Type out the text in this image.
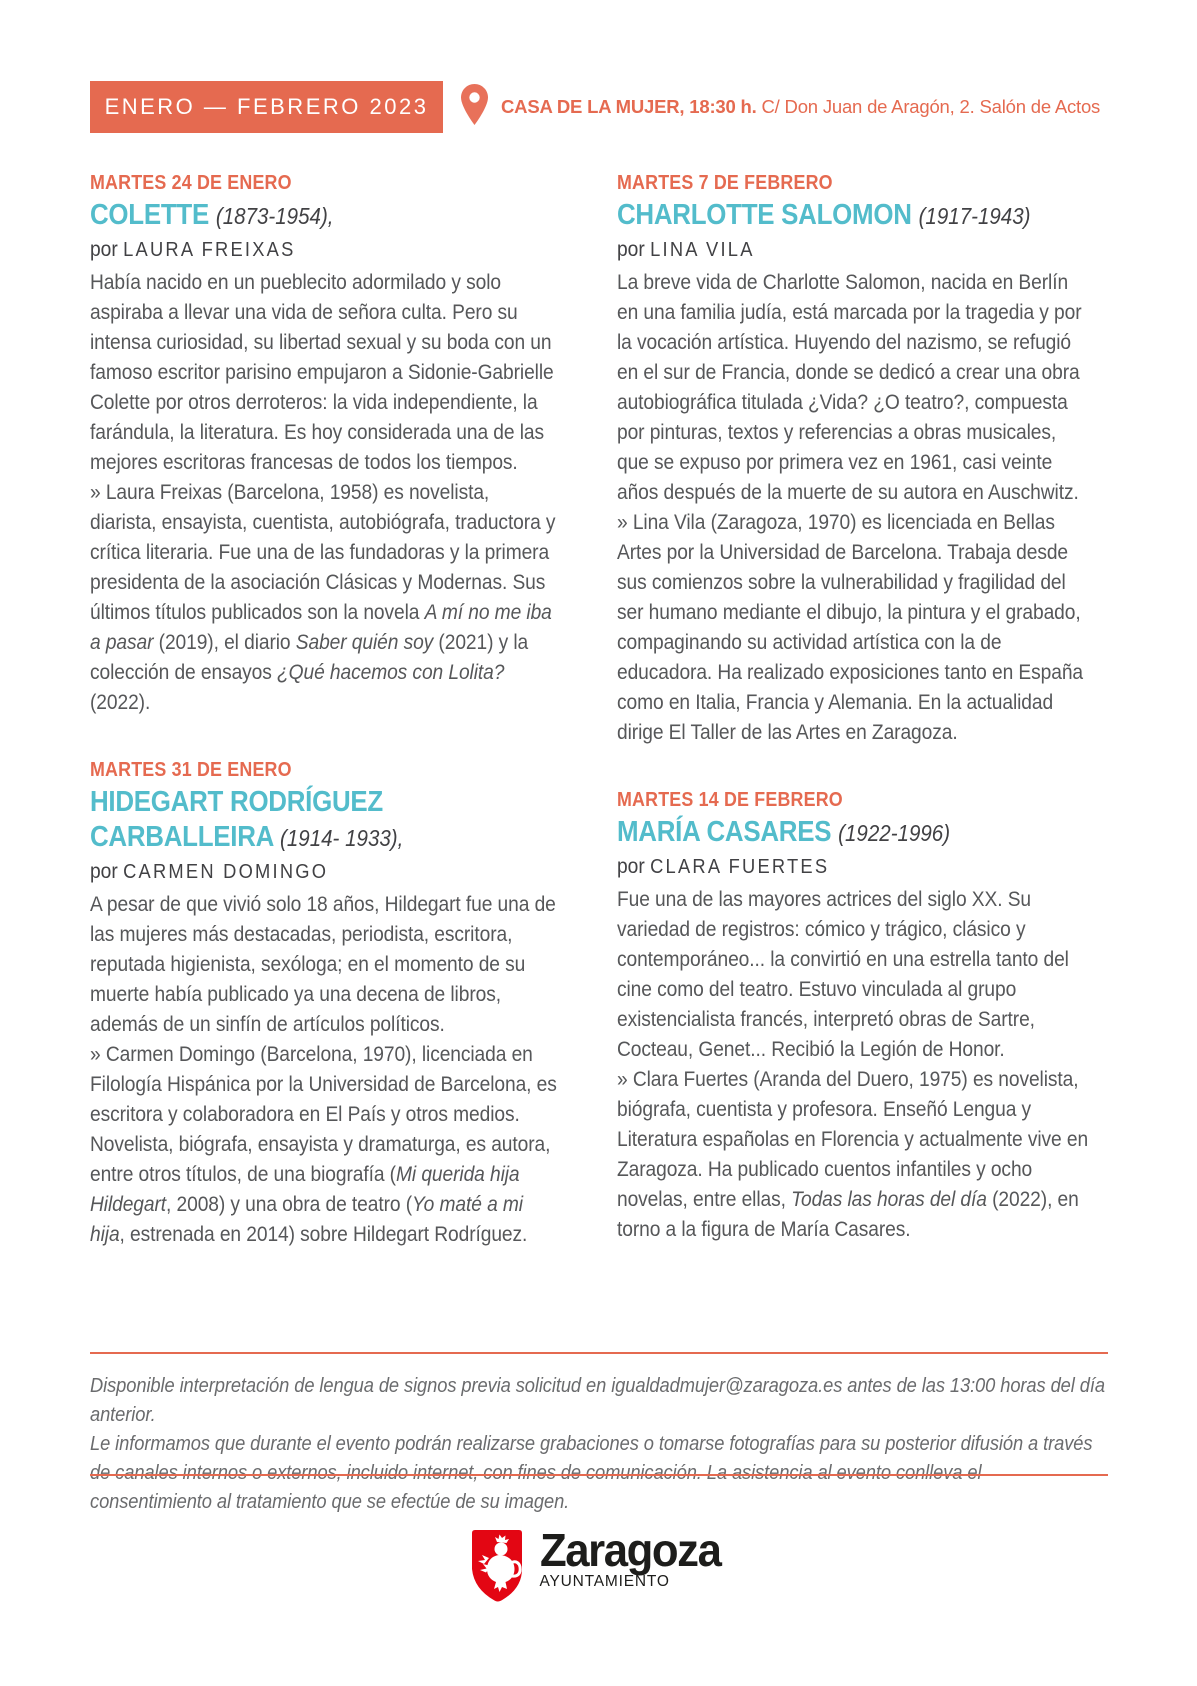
ENERO — FEBRERO 2023	CASA DE LA MUJER, 18:30 h. C/ Don Juan de Aragón, 2. Salón de Actos
MARTES 24 DE ENERO
COLETTE (1873-1954),
por LAURA FREIXAS

Había nacido en un pueblecito adormilado y solo aspiraba a llevar una vida de señora culta. Pero su intensa curiosidad, su libertad sexual y su boda con un famoso escritor parisino empujaron a Sidonie-Gabrielle Colette por otros derroteros: la vida independiente, la farándula, la literatura. Es hoy considerada una de las mejores escritoras francesas de todos los tiempos.

» Laura Freixas (Barcelona, 1958) es novelista, diarista, ensayista, cuentista, autobiógrafa, traductora y crítica literaria. Fue una de las fundadoras y la primera presidenta de la asociación Clásicas y Modernas. Sus últimos títulos publicados son la novela A mí no me iba a pasar (2019), el diario Saber quién soy (2021) y la colección de ensayos ¿Qué hacemos con Lolita? (2022).

MARTES 31 DE ENERO
HIDEGART RODRÍGUEZ CARBALLEIRA (1914- 1933),
por CARMEN DOMINGO

A pesar de que vivió solo 18 años, Hildegart fue una de las mujeres más destacadas, periodista, escritora, reputada higienista, sexóloga; en el momento de su muerte había publicado ya una decena de libros, además de un sinfín de artículos políticos.

» Carmen Domingo (Barcelona, 1970), licenciada en Filología Hispánica por la Universidad de Barcelona, es escritora y colaboradora en El País y otros medios. Novelista, biógrafa, ensayista y dramaturga, es autora, entre otros títulos, de una biografía (Mi querida hija Hildegart, 2008) y una obra de teatro (Yo maté a mi hija, estrenada en 2014) sobre Hildegart Rodríguez.

MARTES 7 DE FEBRERO
CHARLOTTE SALOMON (1917-1943)
por LINA VILA

La breve vida de Charlotte Salomon, nacida en Berlín en una familia judía, está marcada por la tragedia y por la vocación artística. Huyendo del nazismo, se refugió en el sur de Francia, donde se dedicó a crear una obra autobiográfica titulada ¿Vida? ¿O teatro?, compuesta por pinturas, textos y referencias a obras musicales, que se expuso por primera vez en 1961, casi veinte años después de la muerte de su autora en Auschwitz.

» Lina Vila (Zaragoza, 1970) es licenciada en Bellas Artes por la Universidad de Barcelona. Trabaja desde sus comienzos sobre la vulnerabilidad y fragilidad del ser humano mediante el dibujo, la pintura y el grabado, compaginando su actividad artística con la de educadora. Ha realizado exposiciones tanto en España como en Italia, Francia y Alemania. En la actualidad dirige El Taller de las Artes en Zaragoza.

MARTES 14 DE FEBRERO
MARÍA CASARES (1922-1996)
por CLARA FUERTES

Fue una de las mayores actrices del siglo XX. Su variedad de registros: cómico y trágico, clásico y contemporáneo... la convirtió en una estrella tanto del cine como del teatro. Estuvo vinculada al grupo existencialista francés, interpretó obras de Sartre, Cocteau, Genet... Recibió la Legión de Honor.

» Clara Fuertes (Aranda del Duero, 1975) es novelista, biógrafa, cuentista y profesora. Enseñó Lengua y Literatura españolas en Florencia y actualmente vive en Zaragoza. Ha publicado cuentos infantiles y ocho novelas, entre ellas, Todas las horas del día (2022), en torno a la figura de María Casares.

Disponible interpretación de lengua de signos previa solicitud en igualdadmujer@zaragoza.es antes de las 13:00 horas del día anterior.

Le informamos que durante el evento podrán realizarse grabaciones o tomarse fotografías para su posterior difusión a través de canales internos o externos, incluido internet, con fines de comunicación. La asistencia al evento conlleva el consentimiento al tratamiento que se efectúe de su imagen.

Zaragoza
AYUNTAMIENTO
